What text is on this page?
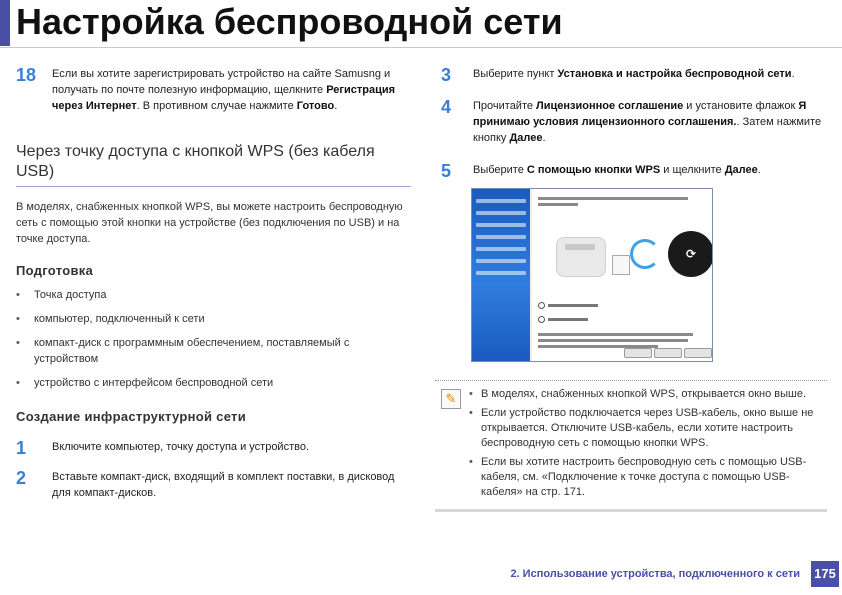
Настройка беспроводной сети
18	Если вы хотите зарегистрировать устройство на сайте Samusng и получать по почте полезную информацию, щелкните Регистрация через Интернет. В противном случае нажмите Готово.
Через точку доступа с кнопкой WPS (без кабеля USB)
В моделях, снабженных кнопкой WPS, вы можете настроить беспроводную сеть с помощью этой кнопки на устройстве (без подключения по USB) и на точке доступа.
Подготовка
• Точка доступа
• компьютер, подключенный к сети
• компакт-диск с программным обеспечением, поставляемый с устройством
• устройство с интерфейсом беспроводной сети
Создание инфраструктурной сети
1	Включите компьютер, точку доступа и устройство.
2	Вставьте компакт-диск, входящий в комплект поставки, в дисковод для компакт-дисков.
3	Выберите пункт Установка и настройка беспроводной сети.
4	Прочитайте Лицензионное соглашение и установите флажок Я принимаю условия лицензионного соглашения.. Затем нажмите кнопку Далее.
5	Выберите С помощью кнопки WPS и щелкните Далее.
⟳
✎
•	В моделях, снабженных кнопкой WPS, открывается окно выше.
• Если устройство подключается через USB-кабель, окно выше не открывается. Отключите USB-кабель, если хотите настроить беспроводную сеть с помощью кнопки WPS.
• Если вы хотите настроить беспроводную сеть с помощью USB-кабеля, см. «Подключение к точке доступа с помощью USB-кабеля» на стр. 171.
2. Использование устройства, подключенного к сети 175
